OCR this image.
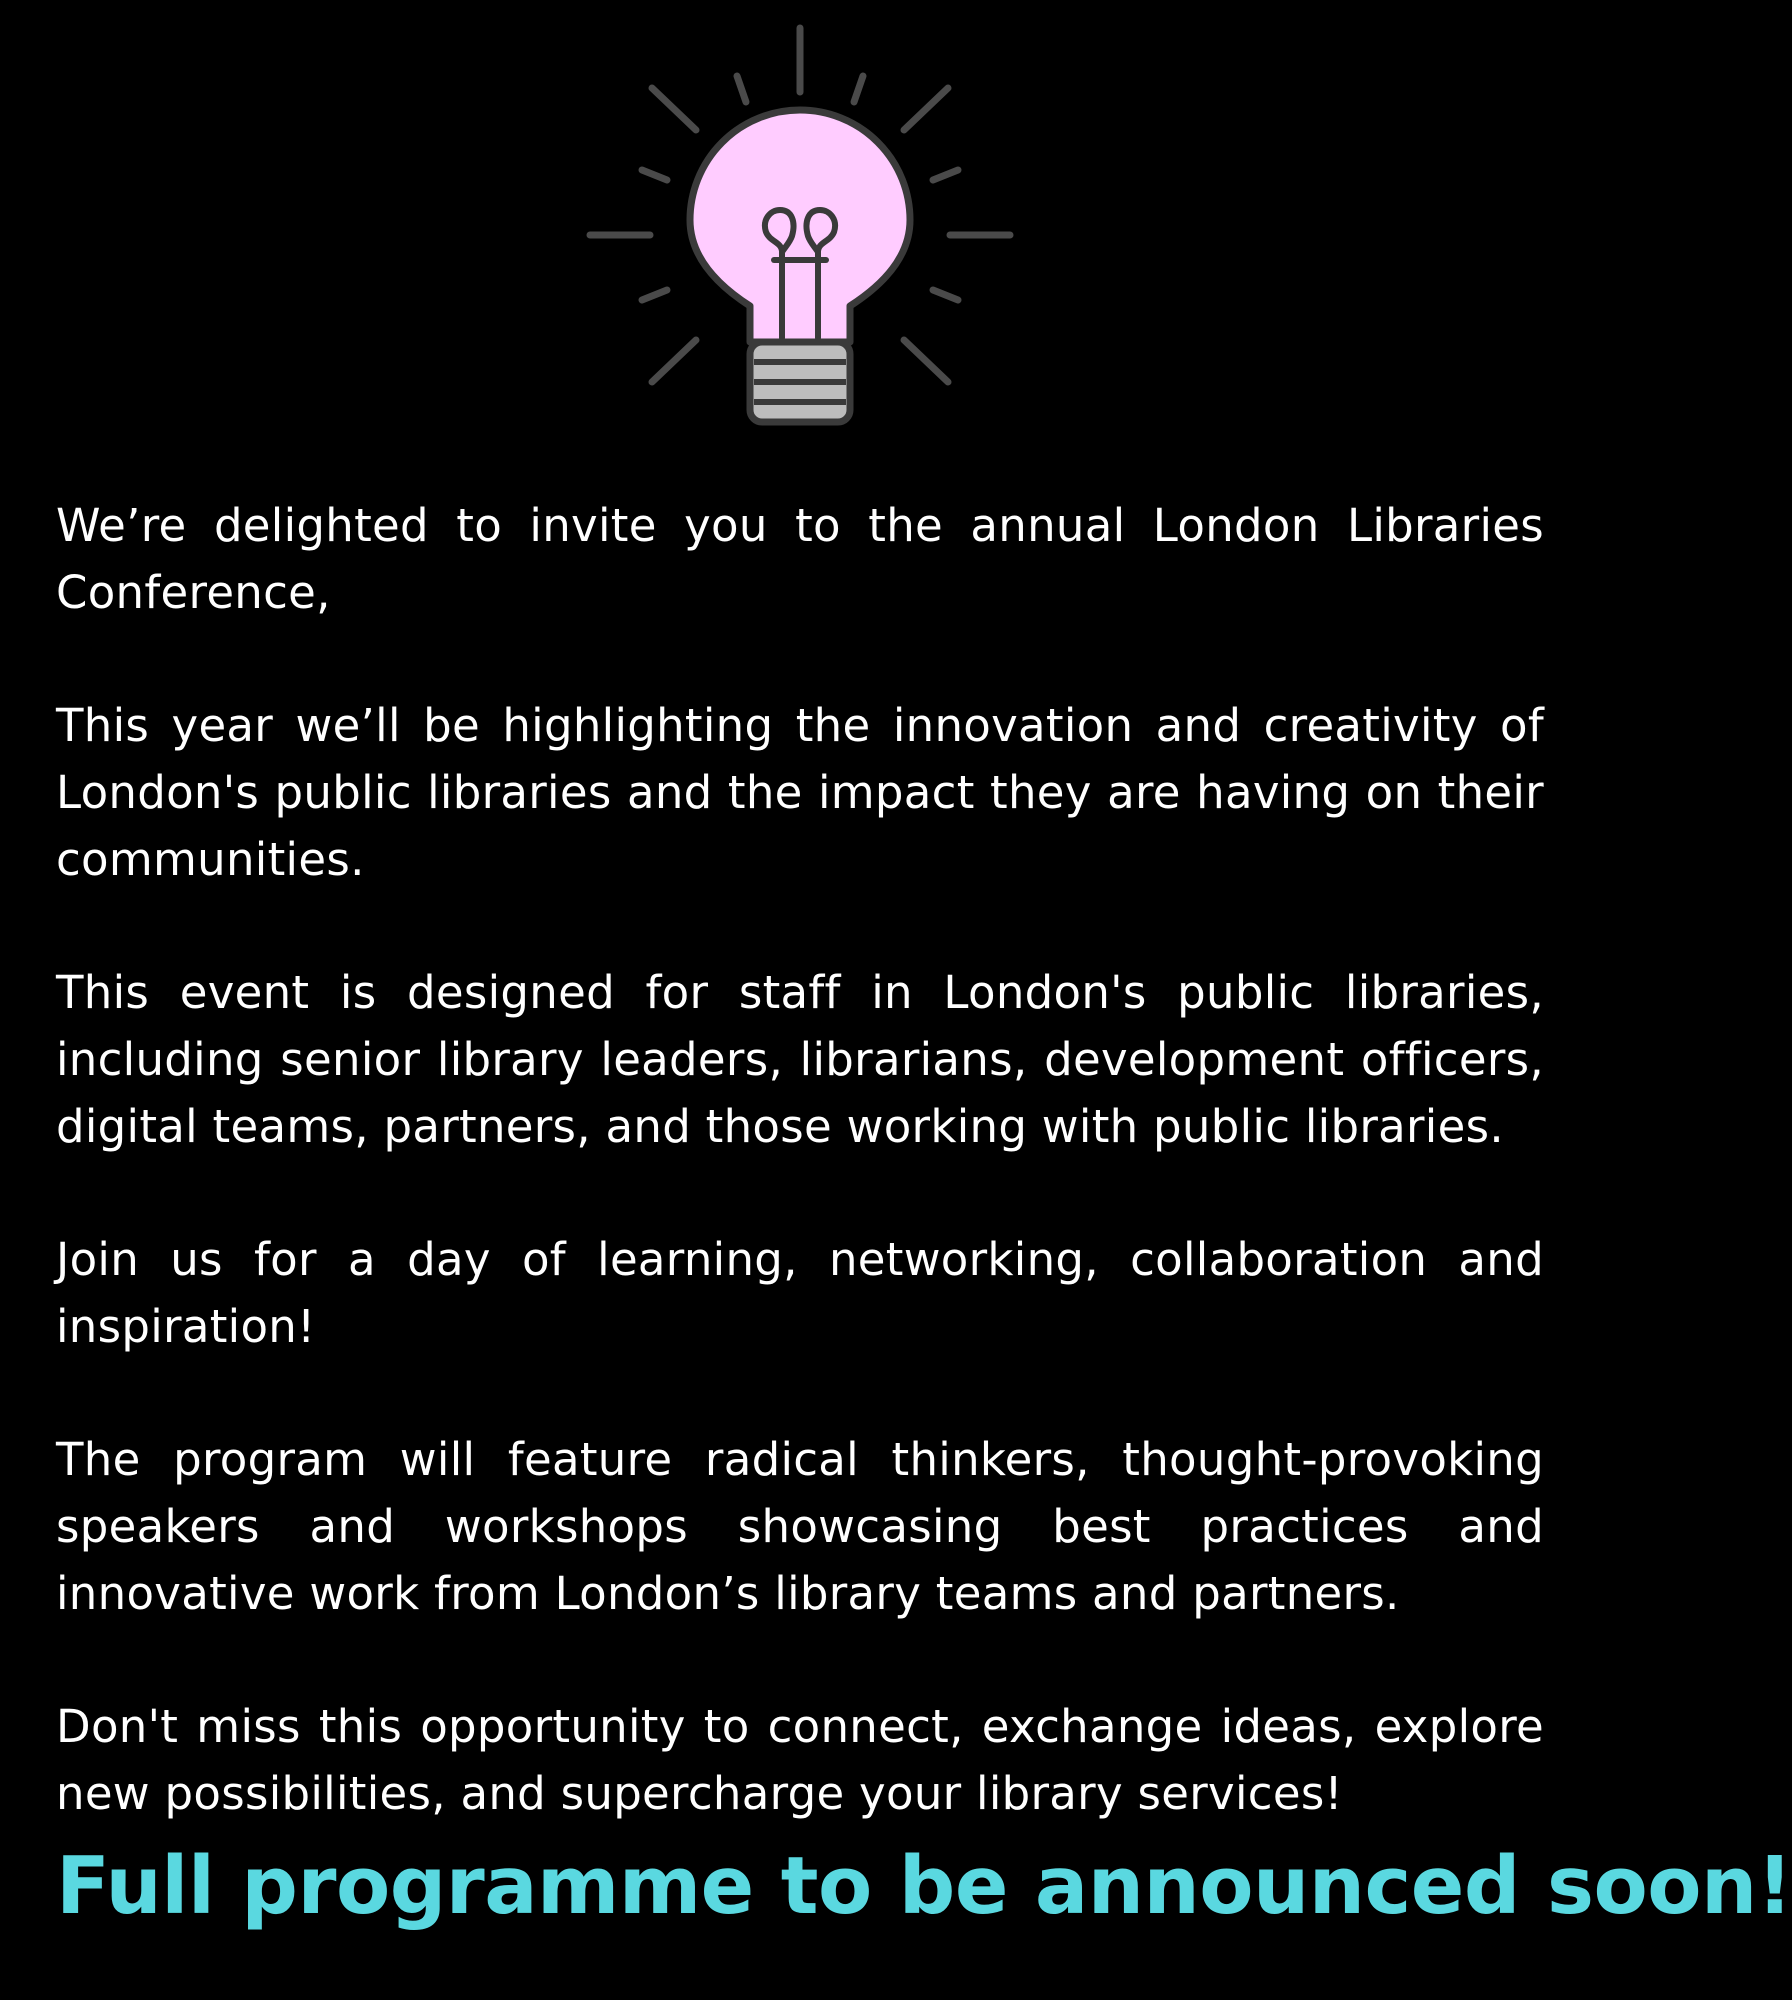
We’re delighted to invite you to the annual London Libraries Conference,

This year we’ll be highlighting the innovation and creativity of London's public libraries and the impact they are having on their communities.

This event is designed for staff in London's public libraries, including senior library leaders, librarians, development officers, digital teams, partners, and those working with public libraries.

Join us for a day of learning, networking, collaboration and inspiration!

The program will feature radical thinkers, thought-provoking speakers and workshops showcasing best practices and innovative work from London’s library teams and partners.

Don't miss this opportunity to connect, exchange ideas, explore new possibilities, and supercharge your library services!

Full programme to be announced soon!
